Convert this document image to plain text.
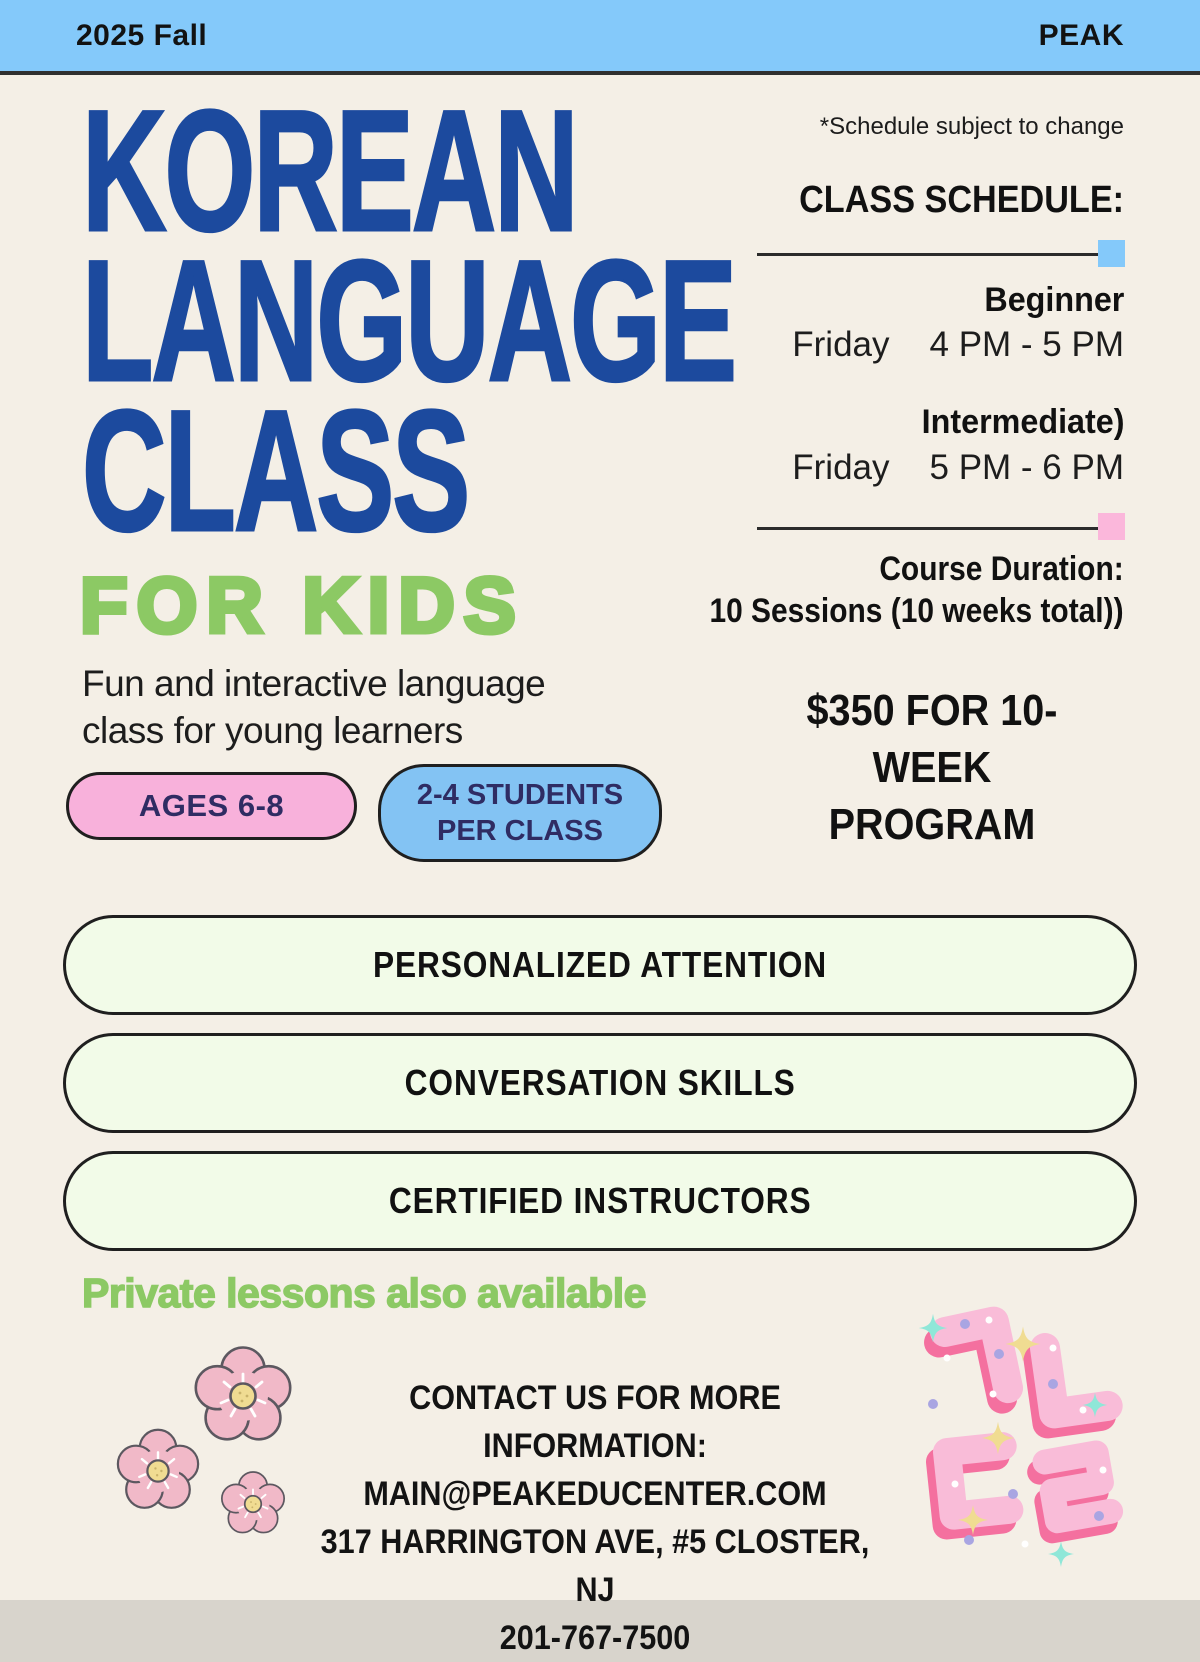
2025 Fall	PEAK
KOREAN
LANGUAGE
CLASS
FOR KIDS

Fun and interactive language class for young learners

AGES 6-8	2-4 STUDENTS PER CLASS
*Schedule subject to change
CLASS SCHEDULE:
Beginner
Friday 4 PM - 5 PM
Intermediate)
Friday 5 PM - 6 PM
Course Duration:
10 Sessions (10 weeks total))
$350 FOR 10-WEEK
PROGRAM
PERSONALIZED ATTENTION
CONVERSATION SKILLS
CERTIFIED INSTRUCTORS
Private lessons also available
CONTACT US FOR MORE INFORMATION:
MAIN@PEAKEDUCENTER.COM
317 HARRINGTON AVE, #5 CLOSTER, NJ
201-767-7500
